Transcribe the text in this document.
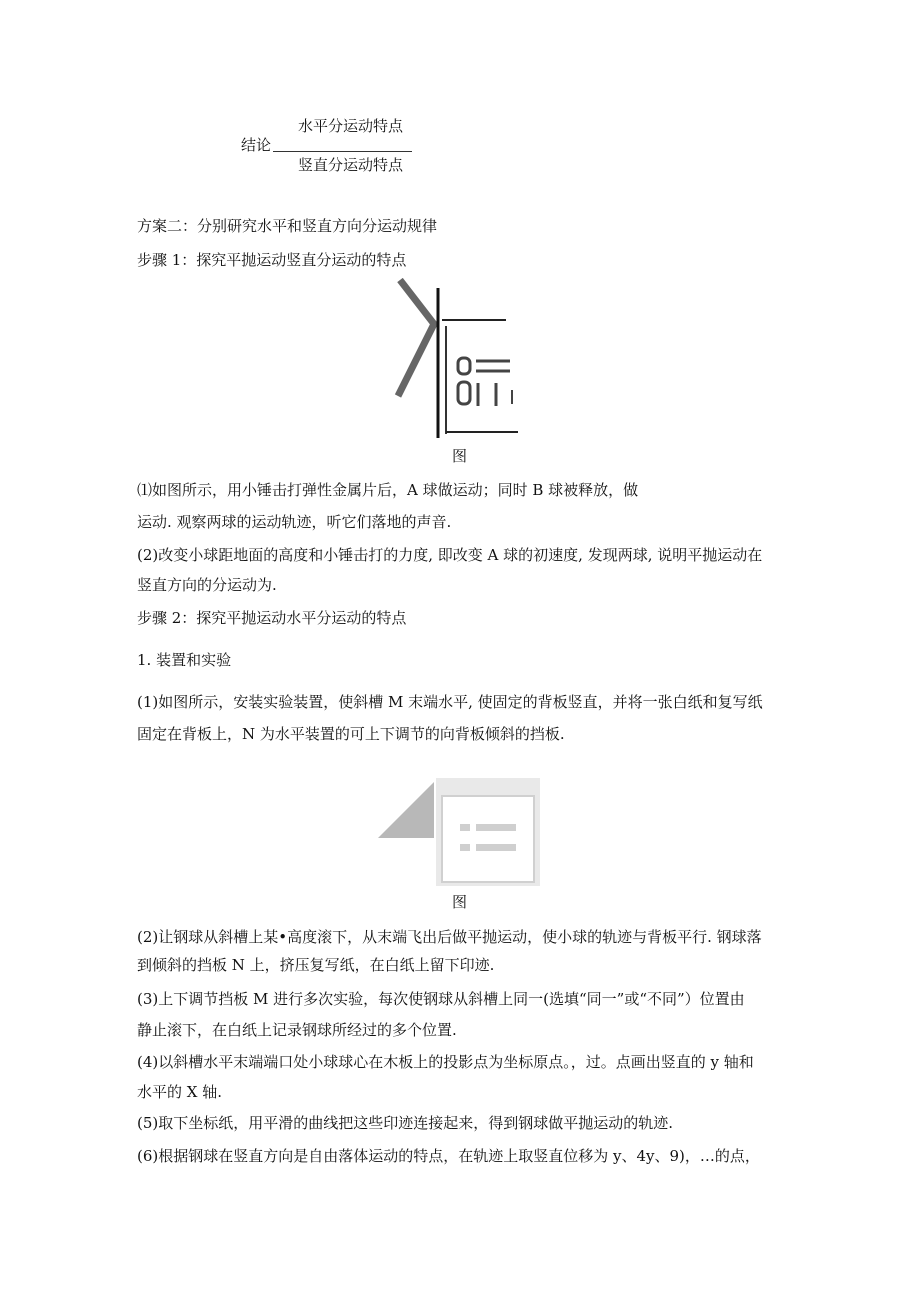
水平分运动特点
结论
竖直分运动特点
方案二：分别研究水平和竖直方向分运动规律
步骤 1：探究平抛运动竖直分运动的特点
图
⑴如图所示，用小锤击打弹性金属片后，A 球做运动；同时 B 球被释放，做
运动. 观察两球的运动轨迹，听它们落地的声音.
(2)改变小球距地面的高度和小锤击打的力度, 即改变 A 球的初速度, 发现两球, 说明平抛运动在
竖直方向的分运动为.
步骤 2：探究平抛运动水平分运动的特点
1. 装置和实验
(1)如图所示，安装实验装置，使斜槽 M 末端水平, 使固定的背板竖直，并将一张白纸和复写纸
固定在背板上，N 为水平装置的可上下调节的向背板倾斜的挡板.
图
(2)让钢球从斜槽上某•高度滚下，从末端飞出后做平抛运动，使小球的轨迹与背板平行. 钢球落
到倾斜的挡板 N 上，挤压复写纸，在白纸上留下印迹.
(3)上下调节挡板 M 进行多次实验，每次使钢球从斜槽上同一(选填“同一”或“不同”）位置由
静止滚下，在白纸上记录钢球所经过的多个位置.
(4)以斜槽水平末端端口处小球球心在木板上的投影点为坐标原点。，过。点画出竖直的 y 轴和
水平的 X 轴.
(5)取下坐标纸，用平滑的曲线把这些印迹连接起来，得到钢球做平抛运动的轨迹.
(6)根据钢球在竖直方向是自由落体运动的特点，在轨迹上取竖直位移为 y、4y、9)，…的点，
